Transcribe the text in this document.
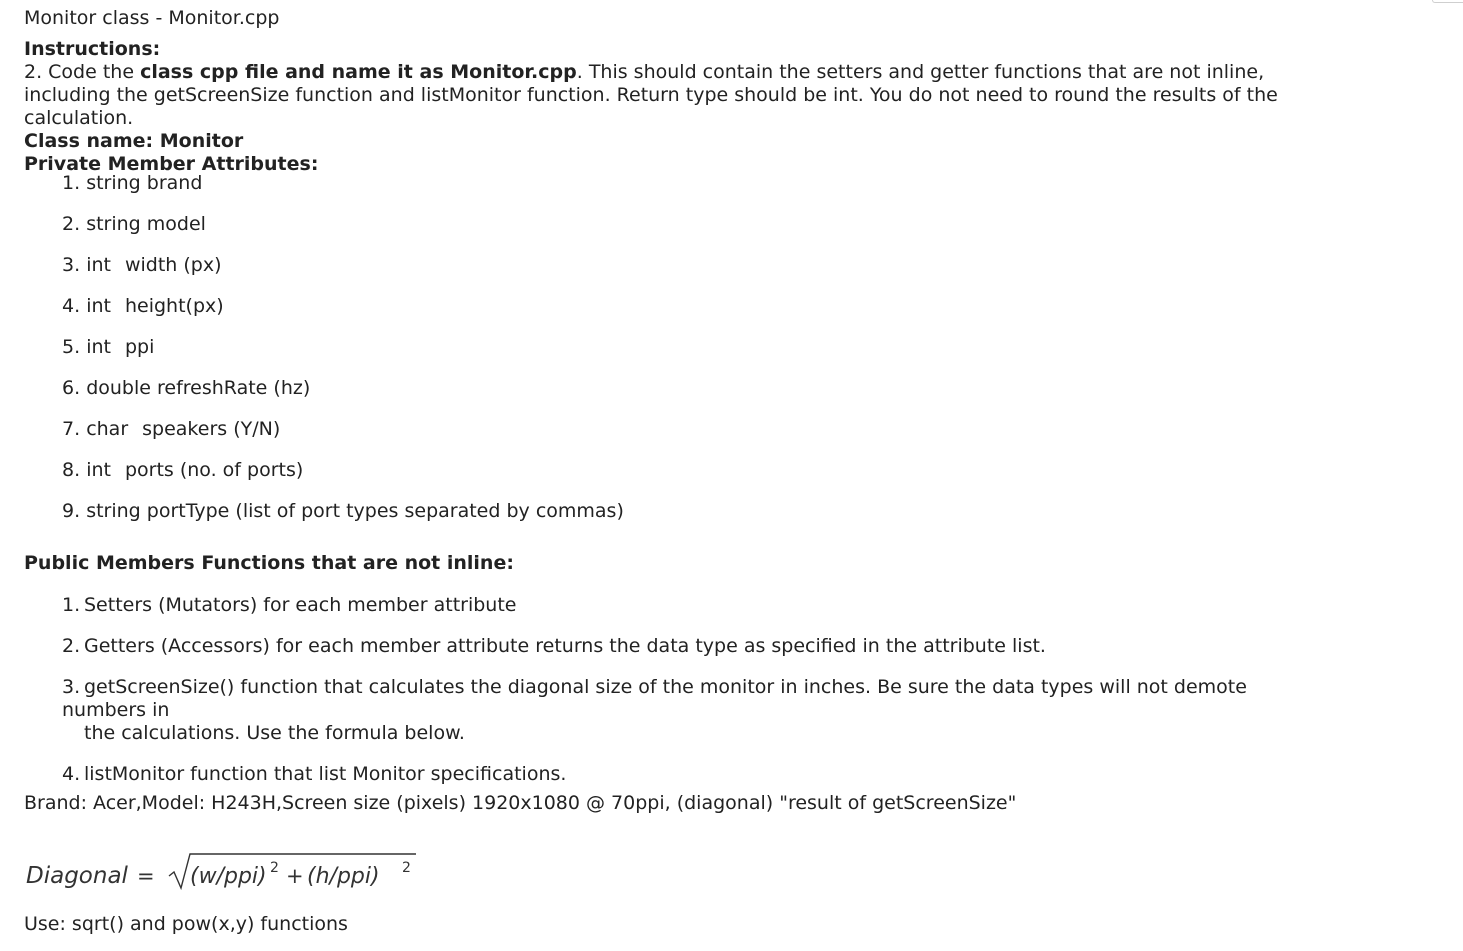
Monitor class - Monitor.cpp
Instructions:
2. Code the class cpp file and name it as Monitor.cpp. This should contain the setters and getter functions that are not inline, including the getScreenSize function and listMonitor function. Return type should be int. You do not need to round the results of the calculation.
Class name: Monitor
Private Member Attributes:
1. string brand
2. string model
3. int width (px)
4. int height(px)
5. int ppi
6. double refreshRate (hz)
7. char speakers (Y/N)
8. int ports (no. of ports)
9. string portType (list of port types separated by commas)
Public Members Functions that are not inline:
1. Setters (Mutators) for each member attribute
2. Getters (Accessors) for each member attribute returns the data type as specified in the attribute list.
3. getScreenSize() function that calculates the diagonal size of the monitor in inches. Be sure the data types will not demote numbers in
the calculations. Use the formula below.
4. listMonitor function that list Monitor specifications.
Brand: Acer,Model: H243H,Screen size (pixels) 1920x1080 @ 70ppi, (diagonal) "result of getScreenSize"
Diagonal = (w/ppi) 2 + (h/ppi) 2
Use: sqrt() and pow(x,y) functions
